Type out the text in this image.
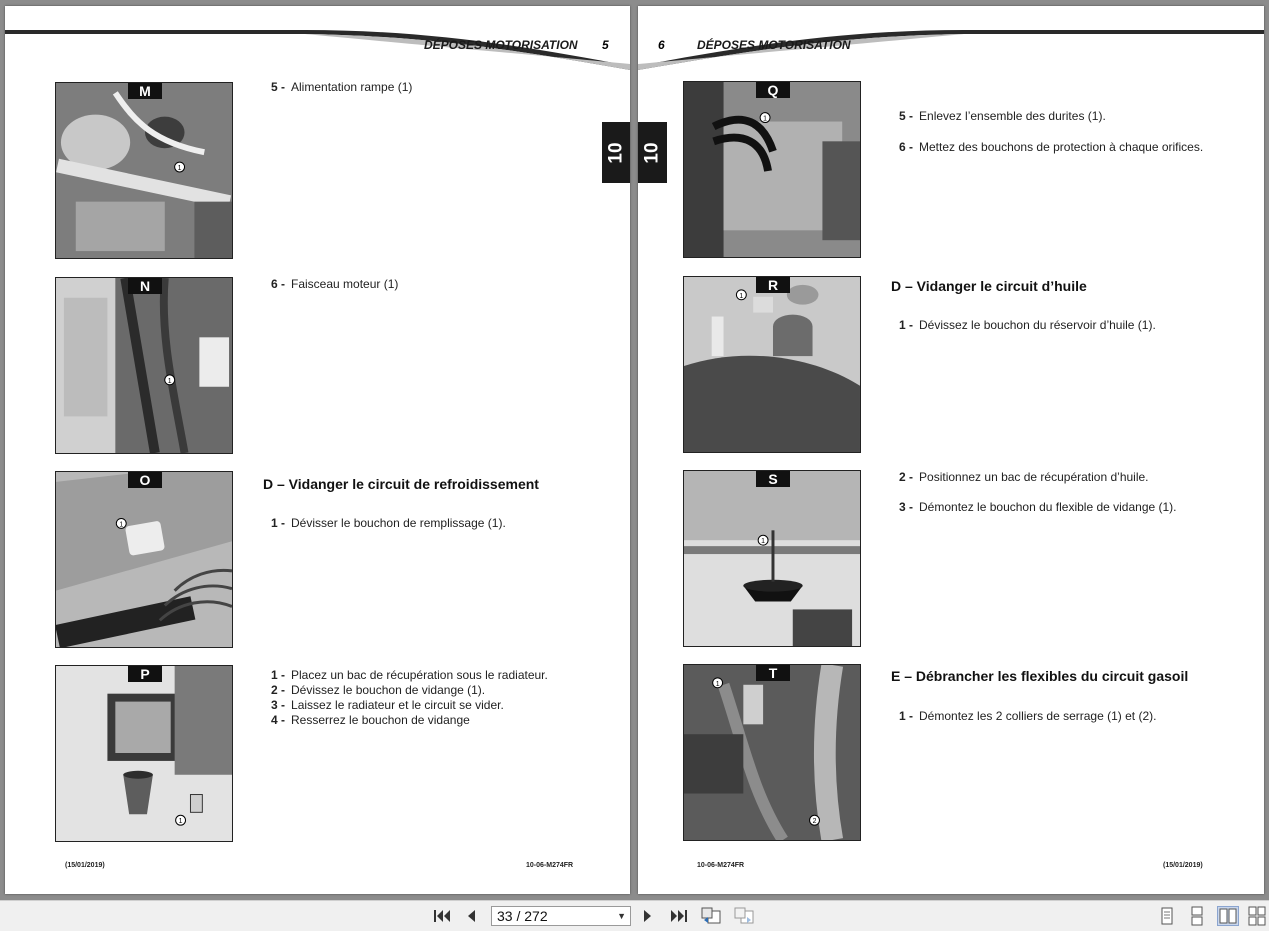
DÉPOSES MOTORISATION 5
10
1
M	5 - Alimentation rampe (1)
1
N	6 - Faisceau moteur (1)
1
O	D – Vidanger le circuit de refroidissement
1 - Dévisser le bouchon de remplissage (1).
1
P	1 - Placez un bac de récupération sous le radiateur.
2 - Dévissez le bouchon de vidange (1).
3 - Laissez le radiateur et le circuit se vider.
4 - Resserrez le bouchon de vidange
(15/01/2019)	10-06-M274FR
6	DÉPOSES MOTORISATION
10
1
Q
5 - Enlevez l’ensemble des durites (1).
6 - Mettez des bouchons de protection à chaque orifices.
1
R	D – Vidanger le circuit d’huile
1 - Dévissez le bouchon du réservoir d’huile (1).
1
S	2 - Positionnez un bac de récupération d’huile.
3 - Démontez le bouchon du flexible de vidange (1).
1
2
T	E – Débrancher les flexibles du circuit gasoil
1 - Démontez les 2 colliers de serrage (1) et (2).
10-06-M274FR	(15/01/2019)
33 / 272	▼
